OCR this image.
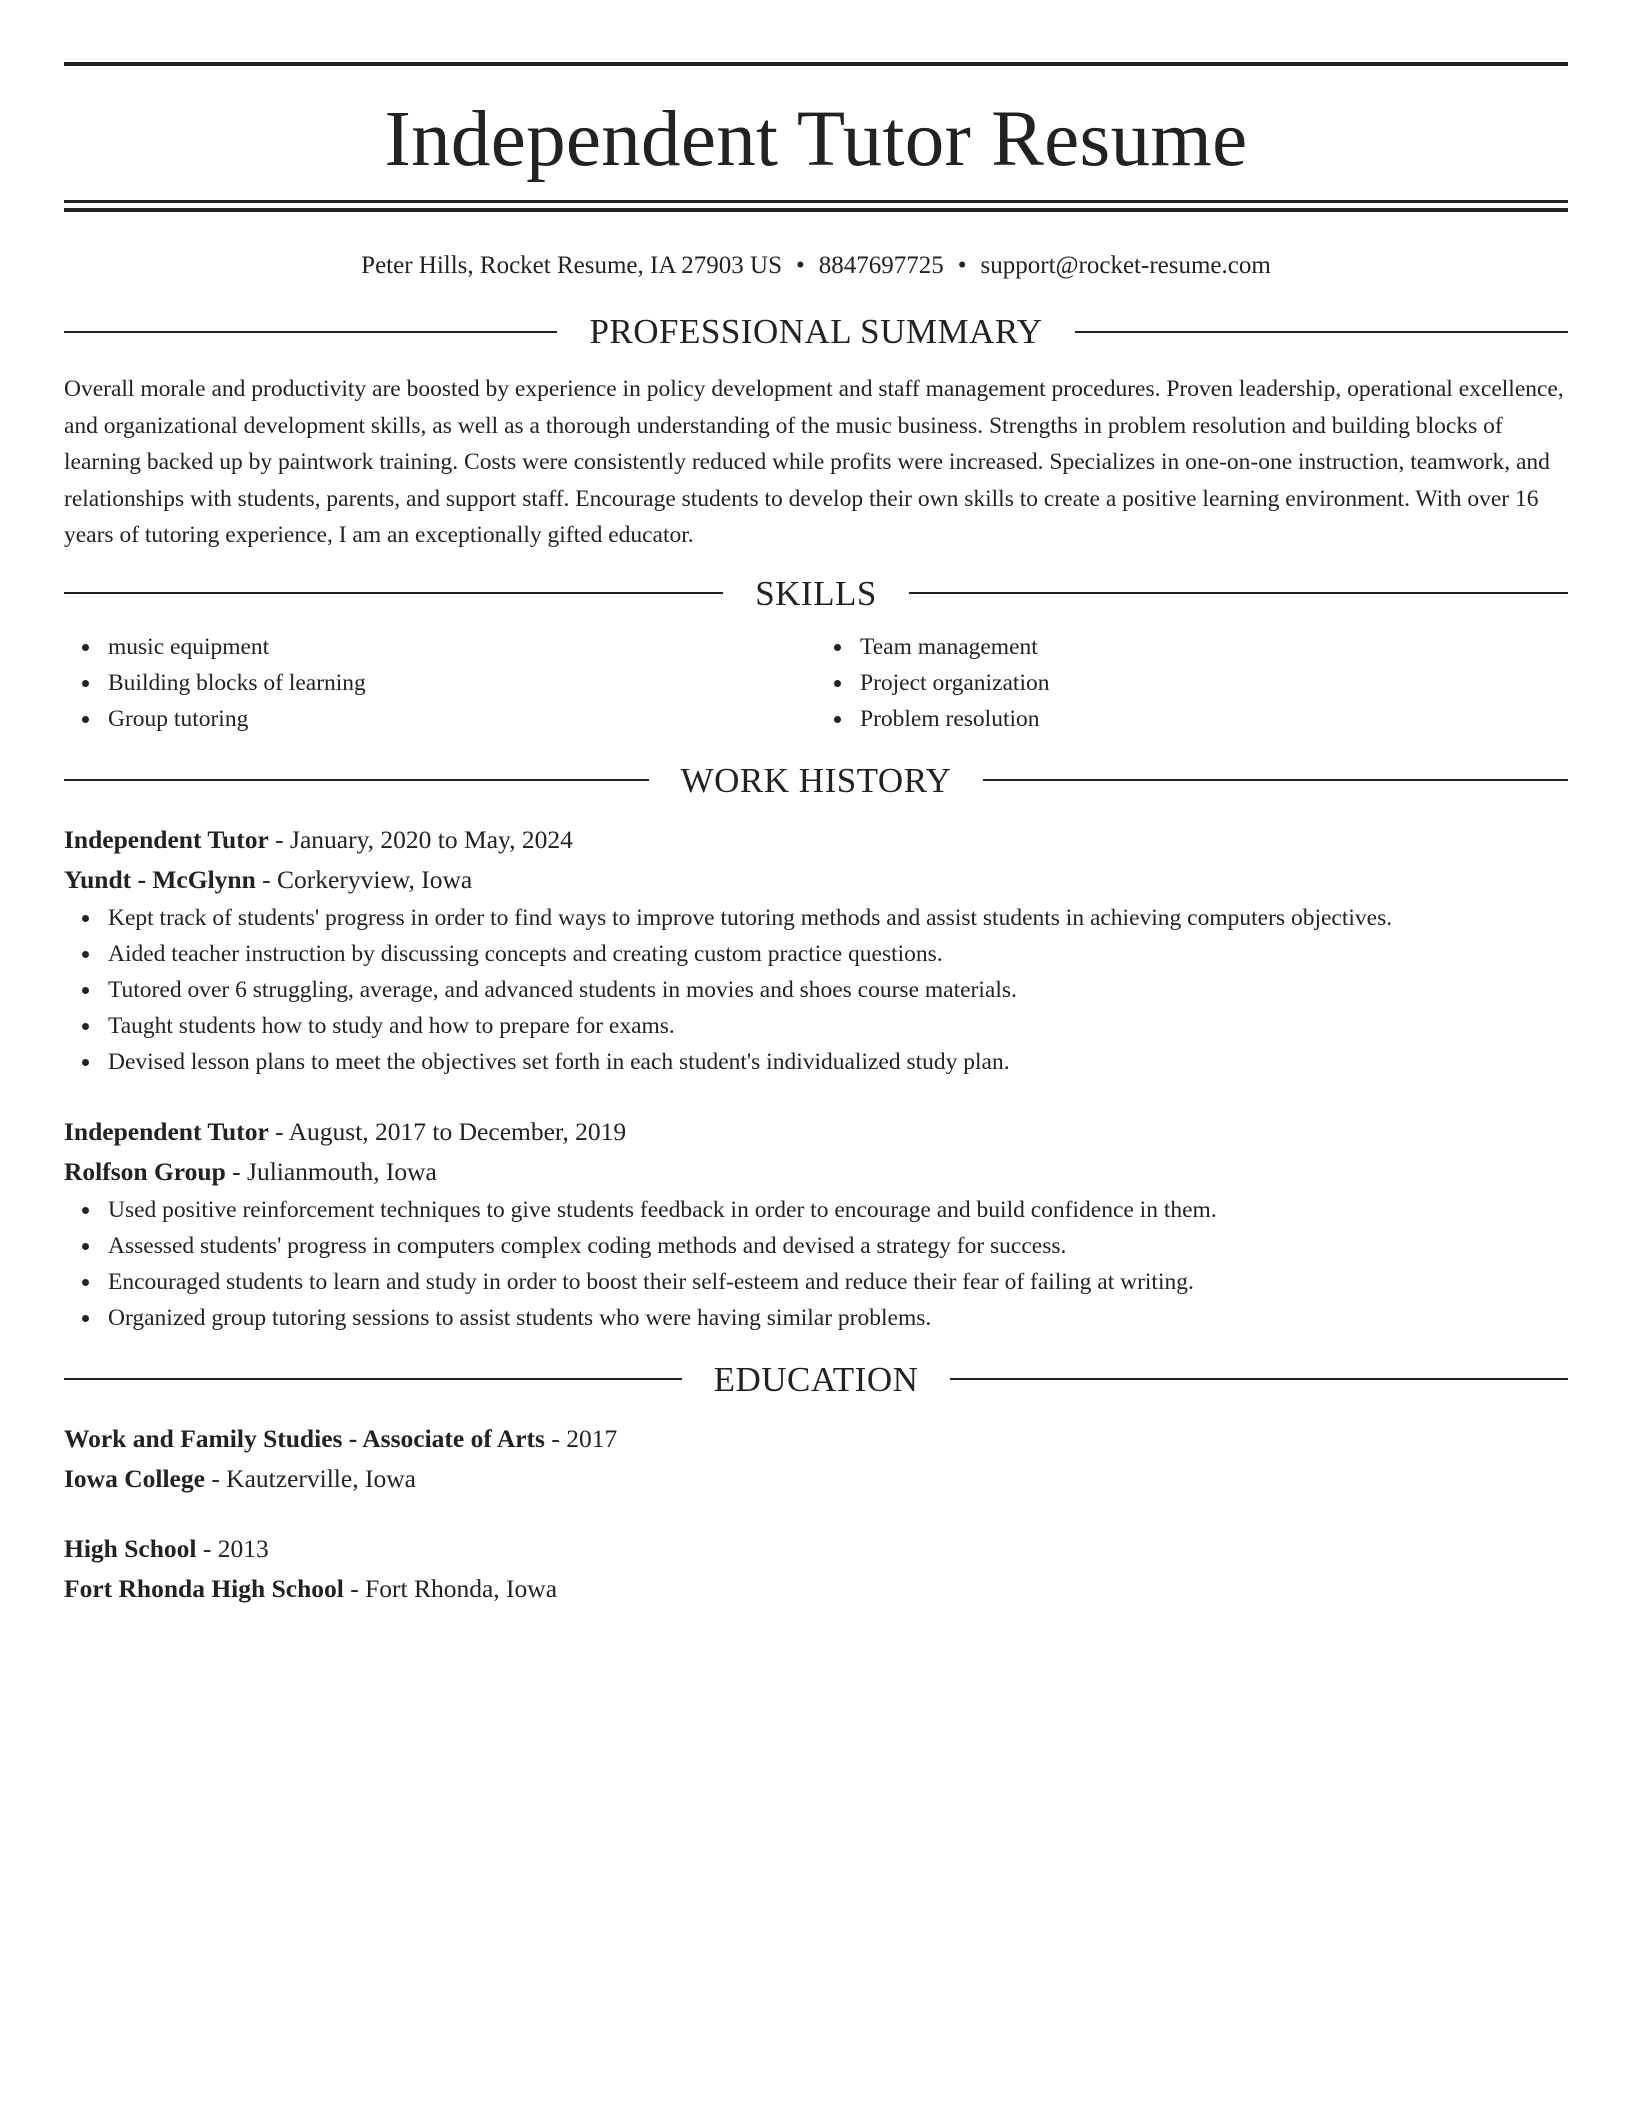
Independent Tutor Resume
Peter Hills, Rocket Resume, IA 27903 US • 8847697725 • support@rocket-resume.com
PROFESSIONAL SUMMARY
Overall morale and productivity are boosted by experience in policy development and staff management procedures. Proven leadership, operational excellence, and organizational development skills, as well as a thorough understanding of the music business. Strengths in problem resolution and building blocks of learning backed up by paintwork training. Costs were consistently reduced while profits were increased. Specializes in one-on-one instruction, teamwork, and relationships with students, parents, and support staff. Encourage students to develop their own skills to create a positive learning environment. With over 16 years of tutoring experience, I am an exceptionally gifted educator.
SKILLS
music equipment
Building blocks of learning
Group tutoring
Team management
Project organization
Problem resolution
WORK HISTORY
Independent Tutor - January, 2020 to May, 2024
Yundt - McGlynn - Corkeryview, Iowa
Kept track of students' progress in order to find ways to improve tutoring methods and assist students in achieving computers objectives.
Aided teacher instruction by discussing concepts and creating custom practice questions.
Tutored over 6 struggling, average, and advanced students in movies and shoes course materials.
Taught students how to study and how to prepare for exams.
Devised lesson plans to meet the objectives set forth in each student's individualized study plan.
Independent Tutor - August, 2017 to December, 2019
Rolfson Group - Julianmouth, Iowa
Used positive reinforcement techniques to give students feedback in order to encourage and build confidence in them.
Assessed students' progress in computers complex coding methods and devised a strategy for success.
Encouraged students to learn and study in order to boost their self-esteem and reduce their fear of failing at writing.
Organized group tutoring sessions to assist students who were having similar problems.
EDUCATION
Work and Family Studies - Associate of Arts - 2017
Iowa College - Kautzerville, Iowa
High School - 2013
Fort Rhonda High School - Fort Rhonda, Iowa
